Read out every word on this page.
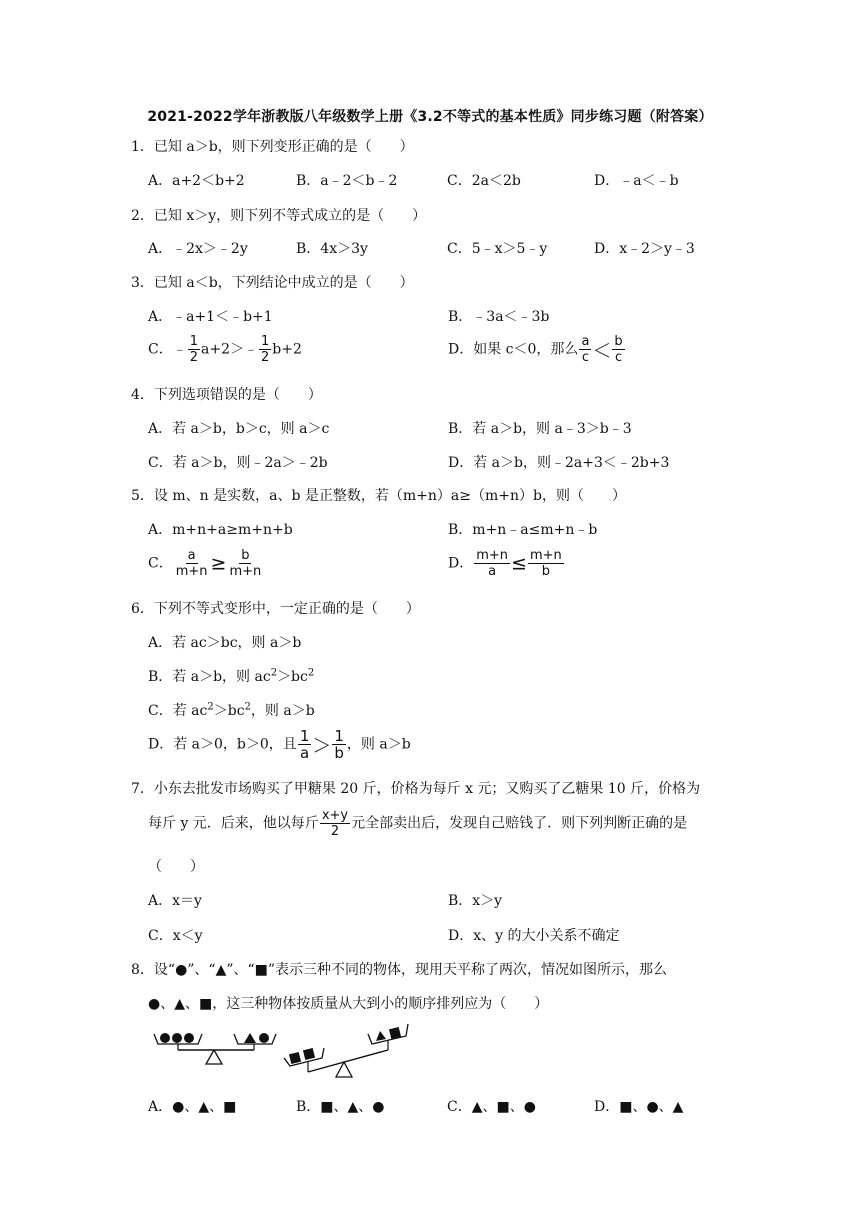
2021-2022学年浙教版八年级数学上册《3.2不等式的基本性质》同步练习题（附答案）
1．已知 a＞b，则下列变形正确的是（　　）
A．a+2＜b+2	B．a﹣2＜b﹣2	C．2a＜2b	D．﹣a＜﹣b
2．已知 x＞y，则下列不等式成立的是（　　）
A．﹣2x＞﹣2y	B．4x＞3y	C．5﹣x＞5﹣y	D．x﹣2＞y﹣3
3．已知 a＜b，下列结论中成立的是（　　）
A．﹣a+1＜﹣b+1	B．﹣3a＜﹣3b
C．﹣ $\frac{1}{2}$ a+2＞﹣ $\frac{1}{2} b+2$	D．如果 c＜0，那么 $\frac{a}{c} < \frac{b}{c}$
4．下列选项错误的是（　　）
A．若 a＞b，b＞c，则 a＞c	B．若 a＞b，则 a﹣3＞b﹣3
C．若 a＞b，则﹣2a＞﹣2b	D．若 a＞b，则﹣2a+3＜﹣2b+3
5．设 m、n 是实数，a、b 是正整数，若（m+n）a≥（m+n）b，则（　　）
A．m+n+a≥m+n+b	B．m+n﹣a≤m+n﹣b
C． $\frac{a}{m+n} \ge \frac{b}{m+n}$	D． $\frac{m+n}{a} \le \frac{m+n}{b}$
6．下列不等式变形中，一定正确的是（　　）
A．若 ac＞bc，则 a＞b
B．若 a＞b，则 $ac^2>bc^2$
C．若 $ac^2>bc^2$，则 a＞b
D．若 a＞0，b＞0，且 $\frac{1}{a} > \frac{1}{b}$ ，则 a＞b
7．小东去批发市场购买了甲糖果 20 斤，价格为每斤 x 元；又购买了乙糖果 10 斤，价格为
每斤 y 元．后来，他以每斤 $\frac{x+y}{2}$ 元全部卖出后，发现自己赔钱了．则下列判断正确的是
（　　）
A．x＝y	B．x＞y
C．x＜y	D．x、y 的大小关系不确定
8．设“●”、“▲”、“■”表示三种不同的物体，现用天平称了两次，情况如图所示，那么
●、▲、■，这三种物体按质量从大到小的顺序排列应为（　　）
A．●、▲、■	B．■、▲、●	C．▲、■、●	D．■、●、▲
